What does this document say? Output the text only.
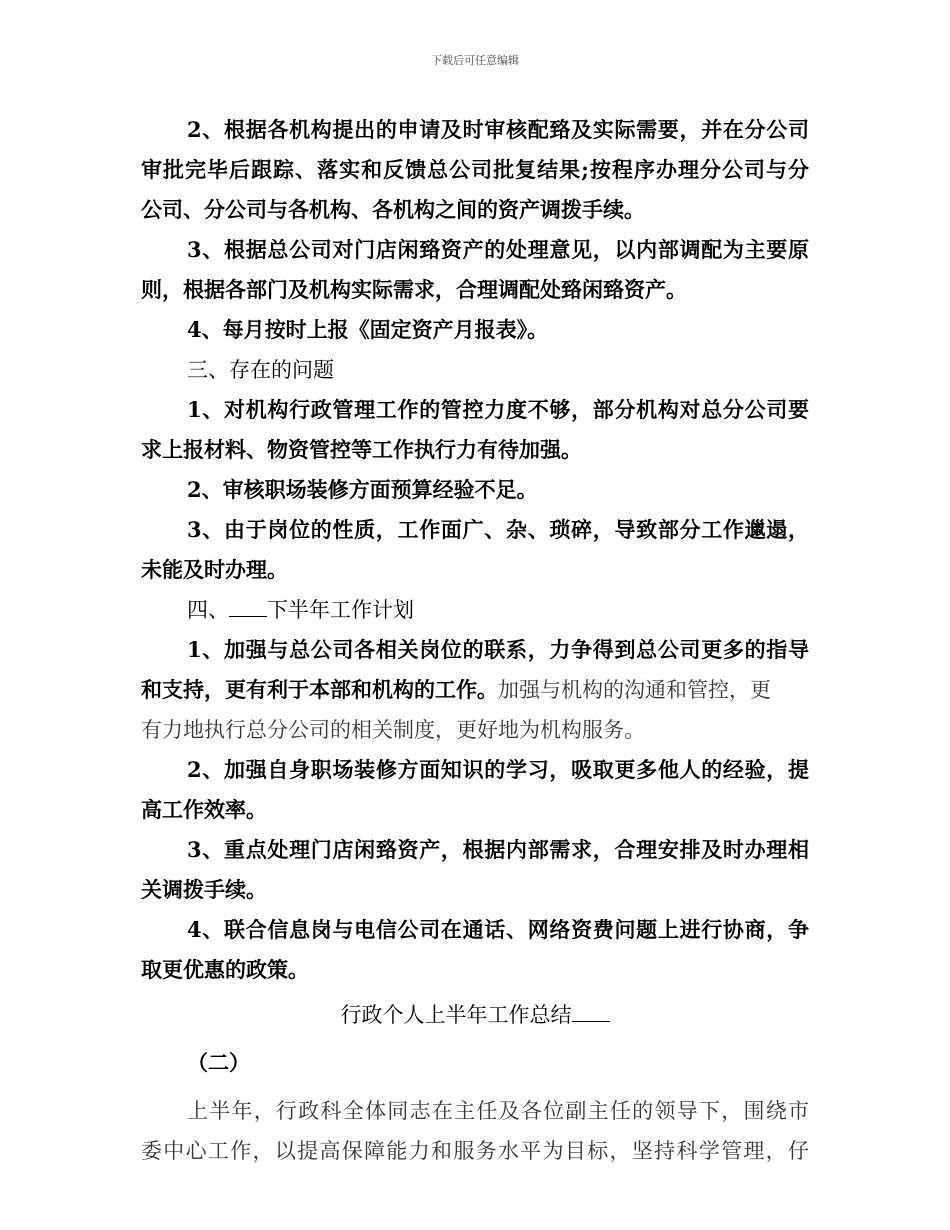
下载后可任意编辑
2、根据各机构提出的申请及时审核配臵及实际需要，并在分公司
审批完毕后跟踪、落实和反馈总公司批复结果;按程序办理分公司与分
公司、分公司与各机构、各机构之间的资产调拨手续。
3、根据总公司对门店闲臵资产的处理意见，以内部调配为主要原
则，根据各部门及机构实际需求，合理调配处臵闲臵资产。
4、每月按时上报《固定资产月报表》。
三、存在的问题
1、对机构行政管理工作的管控力度不够，部分机构对总分公司要
求上报材料、物资管控等工作执行力有待加强。
2、审核职场装修方面预算经验不足。
3、由于岗位的性质，工作面广、杂、琐碎，导致部分工作邋遢，
未能及时办理。
四、 下半年工作计划
1、加强与总公司各相关岗位的联系，力争得到总公司更多的指导
和支持，更有利于本部和机构的工作。加强与机构的沟通和管控，更
有力地执行总分公司的相关制度，更好地为机构服务。
2、加强自身职场装修方面知识的学习，吸取更多他人的经验，提
高工作效率。
3、重点处理门店闲臵资产，根据内部需求，合理安排及时办理相
关调拨手续。
4、联合信息岗与电信公司在通话、网络资费问题上进行协商，争
取更优惠的政策。
行政个人上半年工作总结
（二）
上半年，行政科全体同志在主任及各位副主任的领导下，围绕市
委中心工作，以提高保障能力和服务水平为目标，坚持科学管理，仔
